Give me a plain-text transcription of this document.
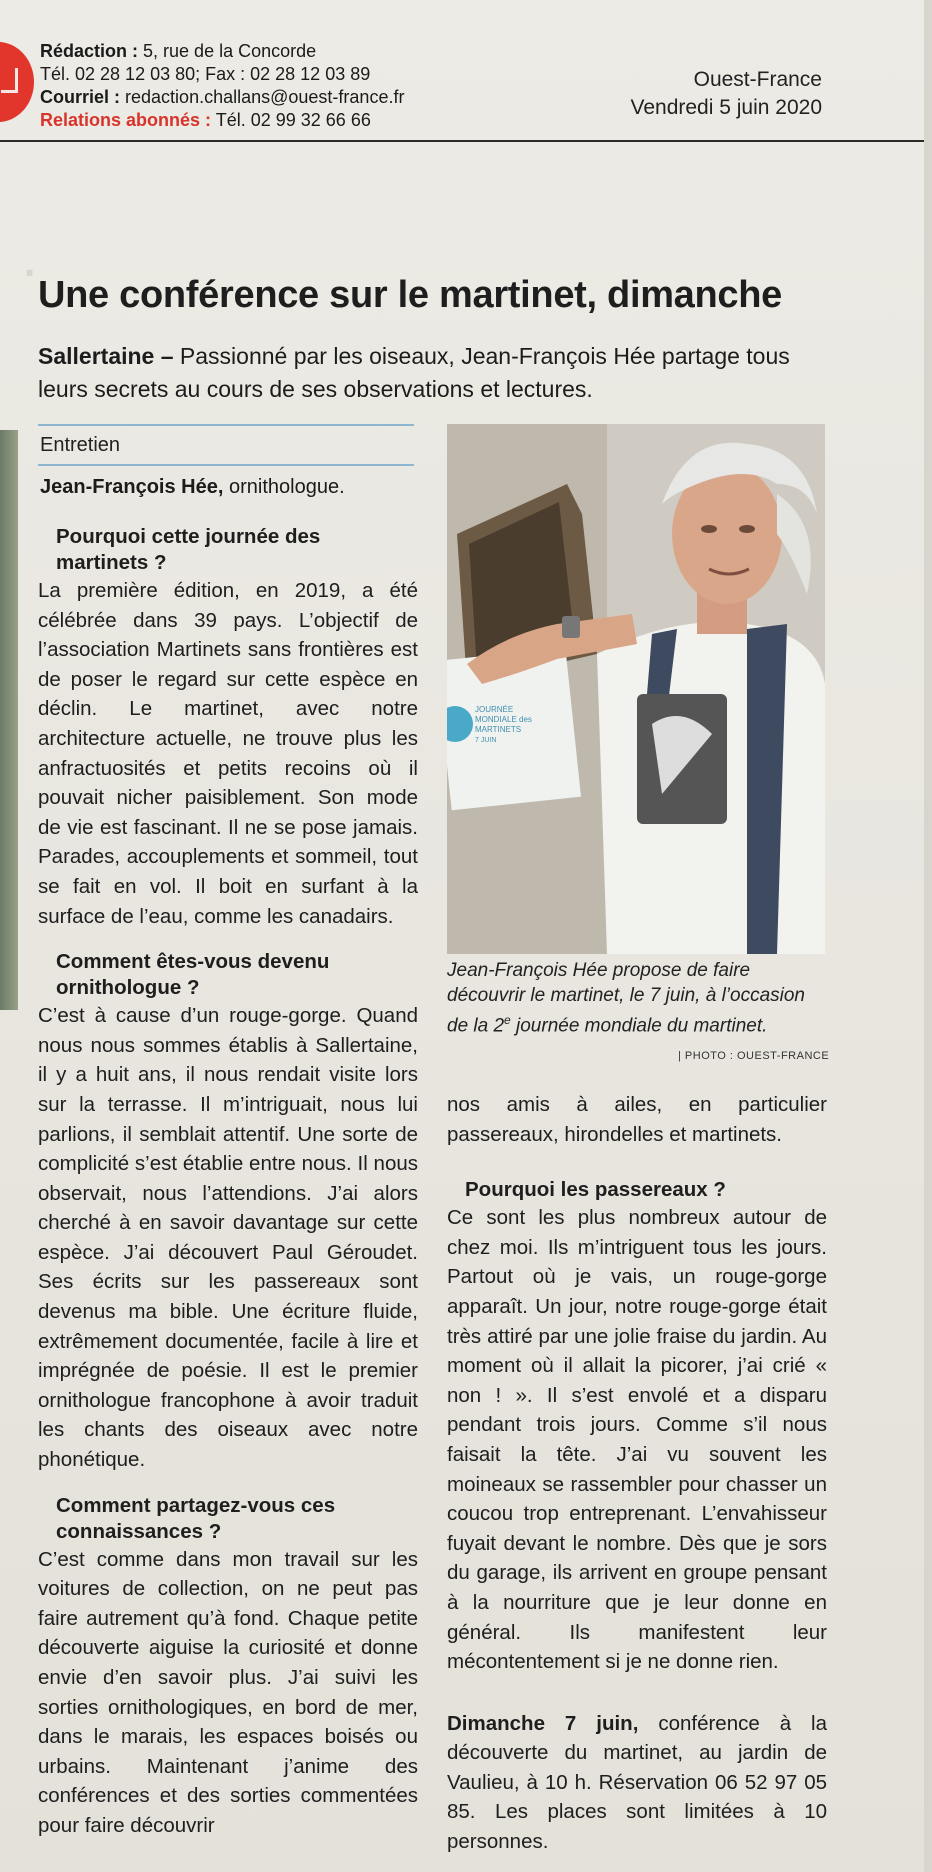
Rédaction : 5, rue de la Concorde
Tél. 02 28 12 03 80; Fax : 02 28 12 03 89
Courriel : redaction.challans@ouest-france.fr
Relations abonnés : Tél. 02 99 32 66 66
Ouest-France
Vendredi 5 juin 2020
·
Une conférence sur le martinet, dimanche
Sallertaine – Passionné par les oiseaux, Jean-François Hée partage tous leurs secrets au cours de ses observations et lectures.
Entretien
Jean-François Hée, ornithologue.
Pourquoi cette journée des martinets ?
La première édition, en 2019, a été célébrée dans 39 pays. L’objectif de l’association Martinets sans frontières est de poser le regard sur cette espèce en déclin. Le martinet, avec notre architecture actuelle, ne trouve plus les anfractuosités et petits recoins où il pouvait nicher paisiblement. Son mode de vie est fascinant. Il ne se pose jamais. Parades, accouplements et sommeil, tout se fait en vol. Il boit en surfant à la surface de l’eau, comme les canadairs.
Comment êtes-vous devenu ornithologue ?
C’est à cause d’un rouge-gorge. Quand nous nous sommes établis à Sallertaine, il y a huit ans, il nous rendait visite lors sur la terrasse. Il m’intriguait, nous lui parlions, il semblait attentif. Une sorte de complicité s’est établie entre nous. Il nous observait, nous l’attendions. J’ai alors cherché à en savoir davantage sur cette espèce. J’ai découvert Paul Géroudet. Ses écrits sur les passereaux sont devenus ma bible. Une écriture fluide, extrêmement documentée, facile à lire et imprégnée de poésie. Il est le premier ornithologue francophone à avoir traduit les chants des oiseaux avec notre phonétique.
Comment partagez-vous ces connaissances ?
C’est comme dans mon travail sur les voitures de collection, on ne peut pas faire autrement qu’à fond. Chaque petite découverte aiguise la curiosité et donne envie d’en savoir plus. J’ai suivi les sorties ornithologiques, en bord de mer, dans le marais, les espaces boisés ou urbains. Maintenant j’anime des conférences et des sorties commentées pour faire découvrir
JOURNÉE
MONDIALE des
MARTINETS
7 JUIN
Jean-François Hée propose de faire découvrir le martinet, le 7 juin, à l’occasion de la 2e journée mondiale du martinet.
| PHOTO : OUEST-FRANCE
nos amis à ailes, en particulier passereaux, hirondelles et martinets.
Pourquoi les passereaux ?
Ce sont les plus nombreux autour de chez moi. Ils m’intriguent tous les jours. Partout où je vais, un rouge-gorge apparaît. Un jour, notre rouge-gorge était très attiré par une jolie fraise du jardin. Au moment où il allait la picorer, j’ai crié « non ! ». Il s’est envolé et a disparu pendant trois jours. Comme s’il nous faisait la tête. J’ai vu souvent les moineaux se rassembler pour chasser un coucou trop entreprenant. L’envahisseur fuyait devant le nombre. Dès que je sors du garage, ils arrivent en groupe pensant à la nourriture que je leur donne en général. Ils manifestent leur mécontentement si je ne donne rien.
Dimanche 7 juin, conférence à la découverte du martinet, au jardin de Vaulieu, à 10 h. Réservation 06 52 97 05 85. Les places sont limitées à 10 personnes.
